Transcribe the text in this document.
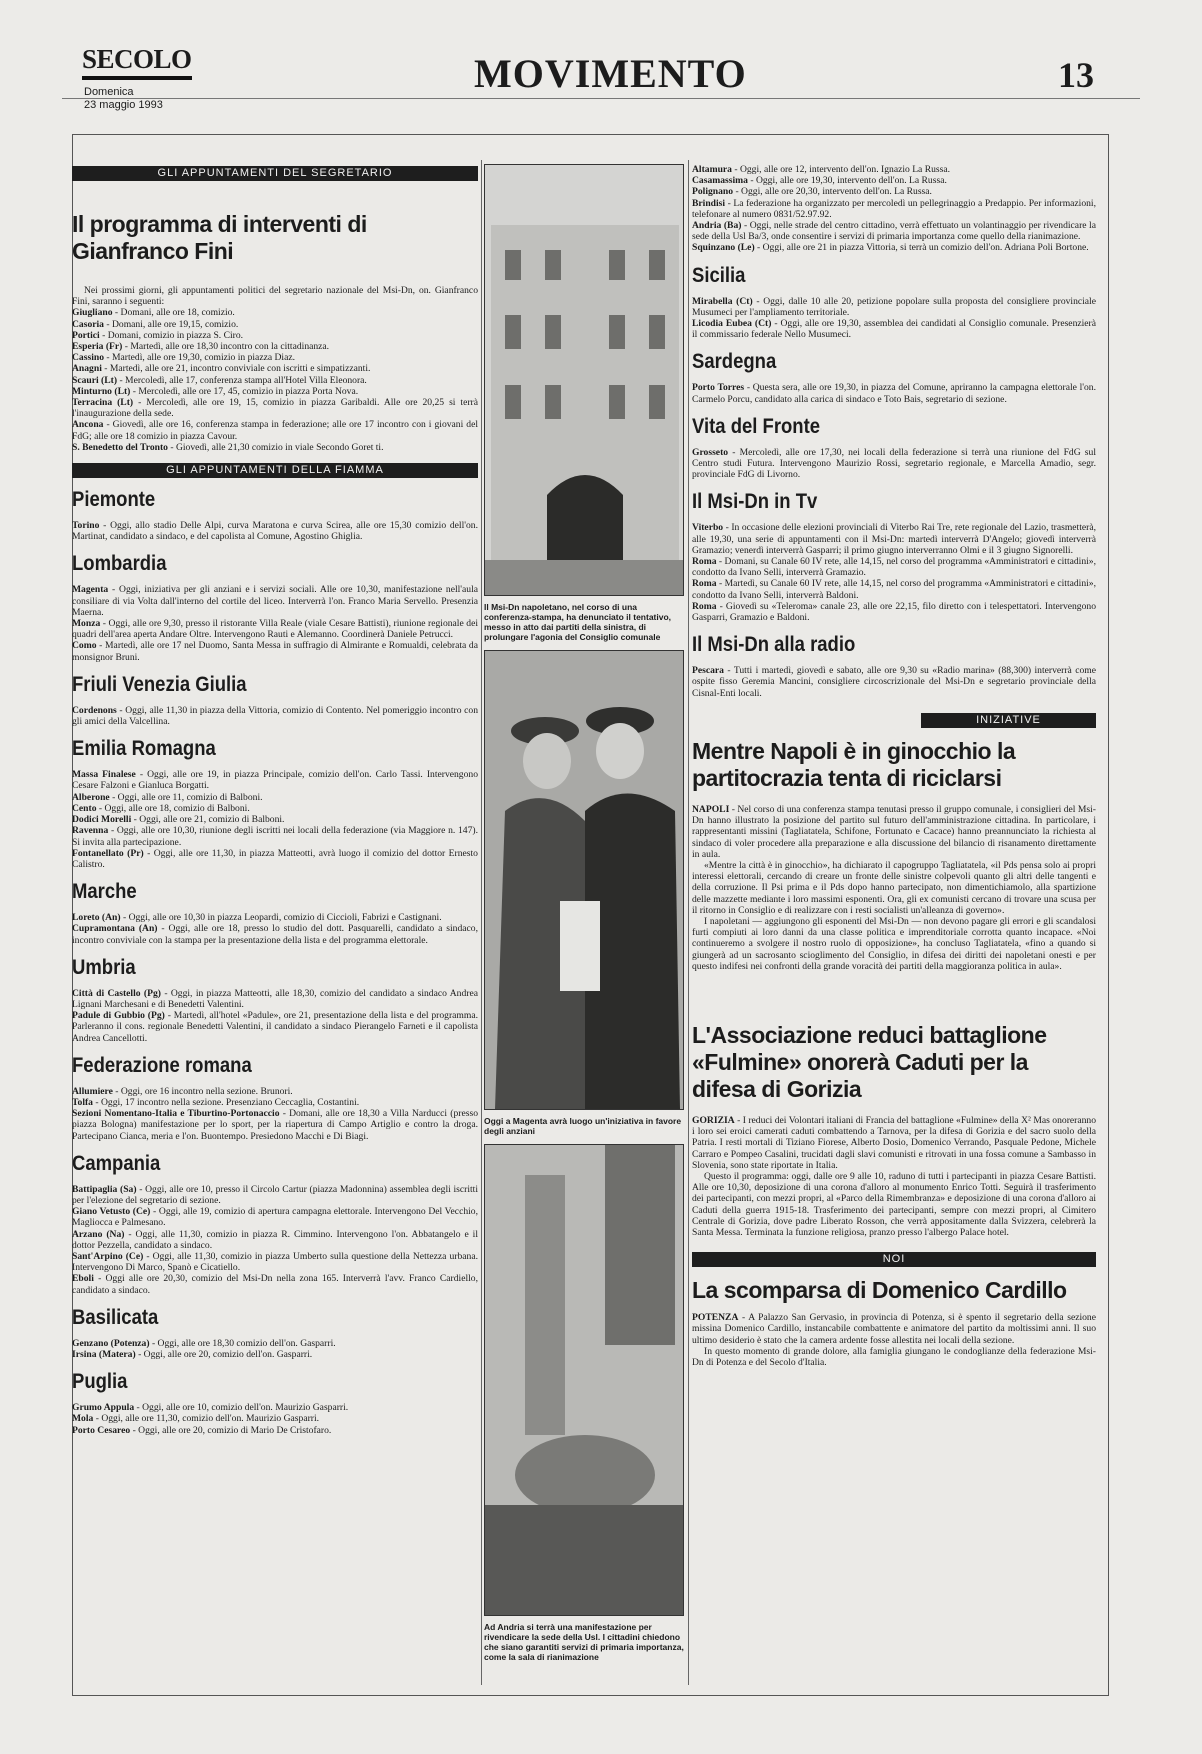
SECOLO
Domenica
23 maggio 1993
MOVIMENTO	13
GLI APPUNTAMENTI DEL SEGRETARIO
Il programma di interventi di Gianfranco Fini

Nei prossimi giorni, gli appuntamenti politici del segretario nazionale del Msi-Dn, on. Gianfranco Fini, saranno i seguenti:

Giugliano - Domani, alle ore 18, comizio.
Casoria - Domani, alle ore 19,15, comizio.
Portici - Domani, comizio in piazza S. Ciro.
Esperia (Fr) - Martedì, alle ore 18,30 incontro con la cittadinanza.
Cassino - Martedì, alle ore 19,30, comizio in piazza Diaz.
Anagni - Martedì, alle ore 21, incontro conviviale con iscritti e simpatizzanti.
Scauri (Lt) - Mercoledì, alle 17, conferenza stampa all'Hotel Villa Eleonora.
Minturno (Lt) - Mercoledì, alle ore 17, 45, comizio in piazza Porta Nova.
Terracina (Lt) - Mercoledì, alle ore 19, 15, comizio in piazza Garibaldi. Alle ore 20,25 si terrà l'inaugurazione della sede.
Ancona - Giovedì, alle ore 16, conferenza stampa in federazione; alle ore 17 incontro con i giovani del FdG; alle ore 18 comizio in piazza Cavour.
S. Benedetto del Tronto - Giovedì, alle 21,30 comizio in viale Secondo Goret ti.
GLI APPUNTAMENTI DELLA FIAMMA
Piemonte
Torino - Oggi, allo stadio Delle Alpi, curva Maratona e curva Scirea, alle ore 15,30 comizio dell'on. Martinat, candidato a sindaco, e del capolista al Comune, Agostino Ghiglia.
Lombardia
Magenta - Oggi, iniziativa per gli anziani e i servizi sociali. Alle ore 10,30, manifestazione nell'aula consiliare di via Volta dall'interno del cortile del liceo. Interverrà l'on. Franco Maria Servello. Presenzia Maerna.
Monza - Oggi, alle ore 9,30, presso il ristorante Villa Reale (viale Cesare Battisti), riunione regionale dei quadri dell'area aperta Andare Oltre. Intervengono Rauti e Alemanno. Coordinerà Daniele Petrucci.
Como - Martedì, alle ore 17 nel Duomo, Santa Messa in suffragio di Almirante e Romualdi, celebrata da monsignor Bruni.
Friuli Venezia Giulia
Cordenons - Oggi, alle 11,30 in piazza della Vittoria, comizio di Contento. Nel pomeriggio incontro con gli amici della Valcellina.
Emilia Romagna
Massa Finalese - Oggi, alle ore 19, in piazza Principale, comizio dell'on. Carlo Tassi. Intervengono Cesare Falzoni e Gianluca Borgatti.
Alberone - Oggi, alle ore 11, comizio di Balboni.
Cento - Oggi, alle ore 18, comizio di Balboni.
Dodici Morelli - Oggi, alle ore 21, comizio di Balboni.
Ravenna - Oggi, alle ore 10,30, riunione degli iscritti nei locali della federazione (via Maggiore n. 147). Si invita alla partecipazione.
Fontanellato (Pr) - Oggi, alle ore 11,30, in piazza Matteotti, avrà luogo il comizio del dottor Ernesto Calistro.
Marche
Loreto (An) - Oggi, alle ore 10,30 in piazza Leopardi, comizio di Ciccioli, Fabrizi e Castignani.
Cupramontana (An) - Oggi, alle ore 18, presso lo studio del dott. Pasquarelli, candidato a sindaco, incontro conviviale con la stampa per la presentazione della lista e del programma elettorale.
Umbria
Città di Castello (Pg) - Oggi, in piazza Matteotti, alle 18,30, comizio del candidato a sindaco Andrea Lignani Marchesani e di Benedetti Valentini.
Padule di Gubbio (Pg) - Martedì, all'hotel «Padule», ore 21, presentazione della lista e del programma. Parleranno il cons. regionale Benedetti Valentini, il candidato a sindaco Pierangelo Farneti e il capolista Andrea Cancellotti.
Federazione romana
Allumiere - Oggi, ore 16 incontro nella sezione. Brunori.
Tolfa - Oggi, 17 incontro nella sezione. Presenziano Ceccaglia, Costantini.
Sezioni Nomentano-Italia e Tiburtino-Portonaccio - Domani, alle ore 18,30 a Villa Narducci (presso piazza Bologna) manifestazione per lo sport, per la riapertura di Campo Artiglio e contro la droga. Partecipano Cianca, meria e l'on. Buontempo. Presiedono Macchi e Di Biagi.
Campania
Battipaglia (Sa) - Oggi, alle ore 10, presso il Circolo Cartur (piazza Madonnina) assemblea degli iscritti per l'elezione del segretario di sezione.
Giano Vetusto (Ce) - Oggi, alle 19, comizio di apertura campagna elettorale. Intervengono Del Vecchio, Magliocca e Palmesano.
Arzano (Na) - Oggi, alle 11,30, comizio in piazza R. Cimmino. Intervengono l'on. Abbatangelo e il dottor Pezzella, candidato a sindaco.
Sant'Arpino (Ce) - Oggi, alle 11,30, comizio in piazza Umberto sulla questione della Nettezza urbana. Intervengono Di Marco, Spanò e Cicatiello.
Eboli - Oggi alle ore 20,30, comizio del Msi-Dn nella zona 165. Interverrà l'avv. Franco Cardiello, candidato a sindaco.
Basilicata
Genzano (Potenza) - Oggi, alle ore 18,30 comizio dell'on. Gasparri.
Irsina (Matera) - Oggi, alle ore 20, comizio dell'on. Gasparri.
Puglia
Grumo Appula - Oggi, alle ore 10, comizio dell'on. Maurizio Gasparri.
Mola - Oggi, alle ore 11,30, comizio dell'on. Maurizio Gasparri.
Porto Cesareo - Oggi, alle ore 20, comizio di Mario De Cristofaro.
Il Msi-Dn napoletano, nel corso di una conferenza-stampa, ha denunciato il tentativo, messo in atto dai partiti della sinistra, di prolungare l'agonia del Consiglio comunale
Oggi a Magenta avrà luogo un'iniziativa in favore degli anziani
Ad Andria si terrà una manifestazione per rivendicare la sede della Usl. I cittadini chiedono che siano garantiti servizi di primaria importanza, come la sala di rianimazione
Altamura - Oggi, alle ore 12, intervento dell'on. Ignazio La Russa.
Casamassima - Oggi, alle ore 19,30, intervento dell'on. La Russa.
Polignano - Oggi, alle ore 20,30, intervento dell'on. La Russa.
Brindisi - La federazione ha organizzato per mercoledì un pellegrinaggio a Predappio. Per informazioni, telefonare al numero 0831/52.97.92.
Andria (Ba) - Oggi, nelle strade del centro cittadino, verrà effettuato un volantinaggio per rivendicare la sede della Usl Ba/3, onde consentire i servizi di primaria importanza come quello della rianimazione.
Squinzano (Le) - Oggi, alle ore 21 in piazza Vittoria, si terrà un comizio dell'on. Adriana Poli Bortone.
Sicilia
Mirabella (Ct) - Oggi, dalle 10 alle 20, petizione popolare sulla proposta del consigliere provinciale Musumeci per l'ampliamento territoriale.
Licodia Eubea (Ct) - Oggi, alle ore 19,30, assemblea dei candidati al Consiglio comunale. Presenzierà il commissario federale Nello Musumeci.
Sardegna
Porto Torres - Questa sera, alle ore 19,30, in piazza del Comune, apriranno la campagna elettorale l'on. Carmelo Porcu, candidato alla carica di sindaco e Toto Bais, segretario di sezione.
Vita del Fronte
Grosseto - Mercoledì, alle ore 17,30, nei locali della federazione si terrà una riunione del FdG sul Centro studi Futura. Intervengono Maurizio Rossi, segretario regionale, e Marcella Amadio, segr. provinciale FdG di Livorno.
Il Msi-Dn in Tv
Viterbo - In occasione delle elezioni provinciali di Viterbo Rai Tre, rete regionale del Lazio, trasmetterà, alle 19,30, una serie di appuntamenti con il Msi-Dn: martedì interverrà D'Angelo; giovedì interverrà Gramazio; venerdì interverrà Gasparri; il primo giugno interverranno Olmi e il 3 giugno Signorelli.
Roma - Domani, su Canale 60 IV rete, alle 14,15, nel corso del programma «Amministratori e cittadini», condotto da Ivano Selli, interverrà Gramazio.
Roma - Martedì, su Canale 60 IV rete, alle 14,15, nel corso del programma «Amministratori e cittadini», condotto da Ivano Selli, interverrà Baldoni.
Roma - Giovedì su «Teleroma» canale 23, alle ore 22,15, filo diretto con i telespettatori. Intervengono Gasparri, Gramazio e Baldoni.
Il Msi-Dn alla radio
Pescara - Tutti i martedì, giovedì e sabato, alle ore 9,30 su «Radio marina» (88,300) interverrà come ospite fisso Geremia Mancini, consigliere circoscrizionale del Msi-Dn e segretario provinciale della Cisnal-Enti locali.
INIZIATIVE
Mentre Napoli è in ginocchio la partitocrazia tenta di riciclarsi
NAPOLI - Nel corso di una conferenza stampa tenutasi presso il gruppo comunale, i consiglieri del Msi-Dn hanno illustrato la posizione del partito sul futuro dell'amministrazione cittadina. In particolare, i rappresentanti missini (Tagliatatela, Schifone, Fortunato e Cacace) hanno preannunciato la richiesta al sindaco di voler procedere alla preparazione e alla discussione del bilancio di risanamento direttamente in aula.
«Mentre la città è in ginocchio», ha dichiarato il capogruppo Tagliatatela, «il Pds pensa solo ai propri interessi elettorali, cercando di creare un fronte delle sinistre colpevoli quanto gli altri delle tangenti e della corruzione. Il Psi prima e il Pds dopo hanno partecipato, non dimentichiamolo, alla spartizione delle mazzette mediante i loro massimi esponenti. Ora, gli ex comunisti cercano di trovare una scusa per il ritorno in Consiglio e di realizzare con i resti socialisti un'alleanza di governo».
I napoletani — aggiungono gli esponenti del Msi-Dn — non devono pagare gli errori e gli scandalosi furti compiuti ai loro danni da una classe politica e imprenditoriale corrotta quanto incapace. «Noi continueremo a svolgere il nostro ruolo di opposizione», ha concluso Tagliatatela, «fino a quando si giungerà ad un sacrosanto scioglimento del Consiglio, in difesa dei diritti dei napoletani onesti e per questo indifesi nei confronti della grande voracità dei partiti della maggioranza politica in aula».
L'Associazione reduci battaglione «Fulmine» onorerà Caduti per la difesa di Gorizia
GORIZIA - I reduci dei Volontari italiani di Francia del battaglione «Fulmine» della X² Mas onoreranno i loro sei eroici camerati caduti combattendo a Tarnova, per la difesa di Gorizia e del sacro suolo della Patria. I resti mortali di Tiziano Fiorese, Alberto Dosio, Domenico Verrando, Pasquale Pedone, Michele Carraro e Pompeo Casalini, trucidati dagli slavi comunisti e ritrovati in una fossa comune a Sambasso in Slovenia, sono state riportate in Italia.
Questo il programma: oggi, dalle ore 9 alle 10, raduno di tutti i partecipanti in piazza Cesare Battisti. Alle ore 10,30, deposizione di una corona d'alloro al monumento Enrico Totti. Seguirà il trasferimento dei partecipanti, con mezzi propri, al «Parco della Rimembranza» e deposizione di una corona d'alloro ai Caduti della guerra 1915-18. Trasferimento dei partecipanti, sempre con mezzi propri, al Cimitero Centrale di Gorizia, dove padre Liberato Rosson, che verrà appositamente dalla Svizzera, celebrerà la Santa Messa. Terminata la funzione religiosa, pranzo presso l'albergo Palace hotel.
NOI
La scomparsa di Domenico Cardillo
POTENZA - A Palazzo San Gervasio, in provincia di Potenza, si è spento il segretario della sezione missina Domenico Cardillo, instancabile combattente e animatore del partito da moltissimi anni. Il suo ultimo desiderio è stato che la camera ardente fosse allestita nei locali della sezione.
In questo momento di grande dolore, alla famiglia giungano le condoglianze della federazione Msi-Dn di Potenza e del Secolo d'Italia.
